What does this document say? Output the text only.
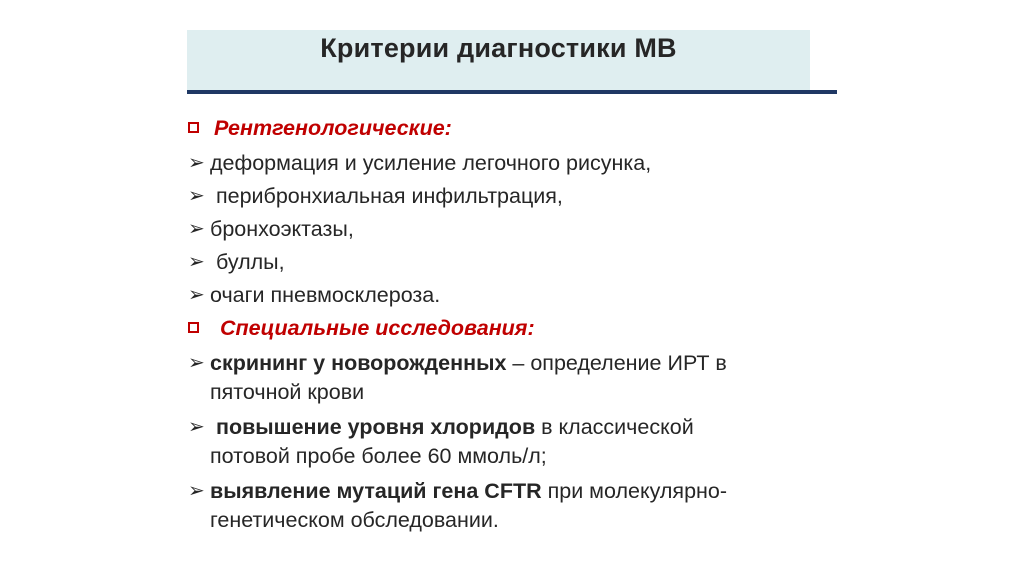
Критерии диагностики МВ
Рентгенологические:
➢ деформация и усиление легочного рисунка,
➢ перибронхиальная инфильтрация,
➢ бронхоэктазы,
➢ буллы,
➢ очаги пневмосклероза.
Специальные исследования:
➢ скрининг у новорожденных – определение ИРТ в пяточной крови
➢ повышение уровня хлоридов в классической потовой пробе более 60 ммоль/л;
➢ выявление мутаций гена CFTR при молекулярно-генетическом обследовании.
